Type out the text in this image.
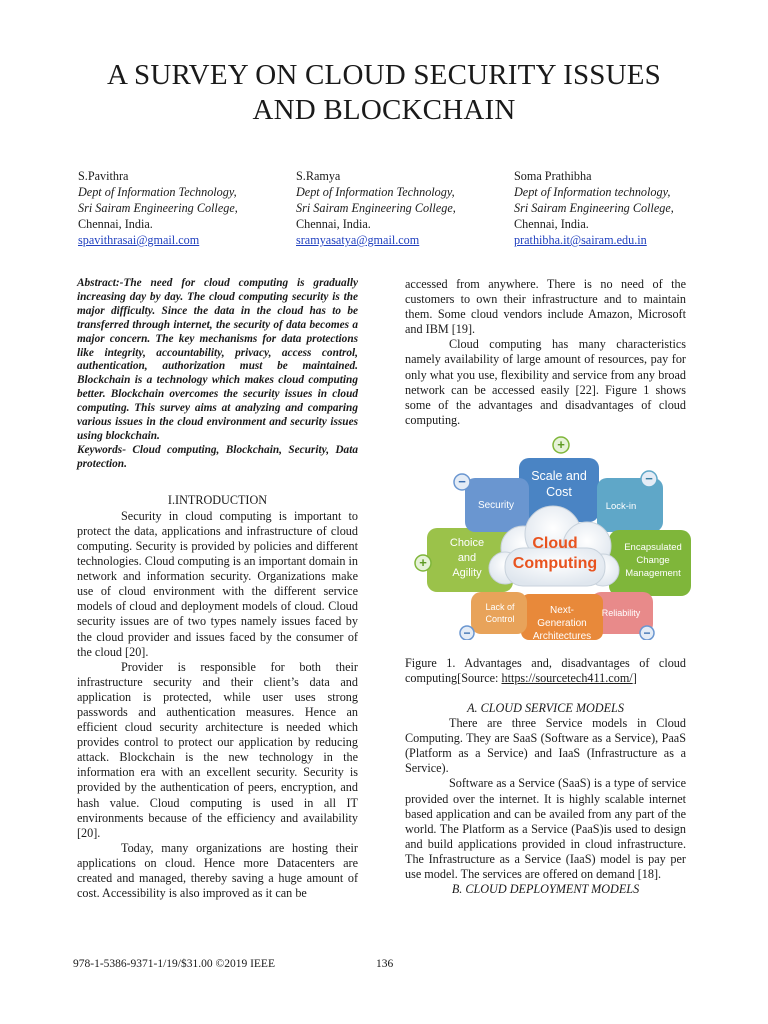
A SURVEY ON CLOUD SECURITY ISSUES
AND BLOCKCHAIN
S.Pavithra
Dept of Information Technology,
Sri Sairam Engineering College,
Chennai, India.
spavithrasai@gmail.com
S.Ramya
Dept of Information Technology,
Sri Sairam Engineering College,
Chennai, India.
sramyasatya@gmail.com
Soma Prathibha
Dept of Information technology,
Sri Sairam Engineering College,
Chennai, India.
prathibha.it@sairam.edu.in

Abstract:-The need for cloud computing is gradually increasing day by day. The cloud computing security is the major difficulty. Since the data in the cloud has to be transferred through internet, the security of data becomes a major concern. The key mechanisms for data protections like integrity, accountability, privacy, access control, authentication, authorization must be maintained. Blockchain is a technology which makes cloud computing better. Blockchain overcomes the security issues in cloud computing. This survey aims at analyzing and comparing various issues in the cloud environment and security issues using blockchain.

Keywords- Cloud computing, Blockchain, Security, Data protection.

I.INTRODUCTION

Security in cloud computing is important to protect the data, applications and infrastructure of cloud computing. Security is provided by policies and different technologies. Cloud computing is an important domain in network and information security. Organizations make use of cloud environment with the different service models of cloud and deployment models of cloud. Cloud security issues are of two types namely issues faced by the cloud provider and issues faced by the consumer of the cloud [20].

Provider is responsible for both their infrastructure security and their client’s data and application is protected, while user uses strong passwords and authentication measures. Hence an efficient cloud security architecture is needed which provides control to protect our application by reducing attack. Blockchain is the new technology in the information era with an excellent security. Security is provided by the authentication of peers, encryption, and hash value. Cloud computing is used in all IT environments because of the efficiency and availability [20].

Today, many organizations are hosting their applications on cloud. Hence more Datacenters are created and managed, thereby saving a huge amount of cost. Accessibility is also improved as it can be

accessed from anywhere. There is no need of the customers to own their infrastructure and to maintain them. Some cloud vendors include Amazon, Microsoft and IBM [19].

Cloud computing has many characteristics namely availability of large amount of resources, pay for only what you use, flexibility and service from any broad network can be accessed easily [22]. Figure 1 shows some of the advantages and disadvantages of cloud computing.

Cloud
Computing
Scale and
Cost
Lock-in
Encapsulated
Change
Management
Reliability
Next-
Generation
Architectures
Lack of
Control
Choice
and
Agility
Security
+
−	−
+
−	−

Figure 1. Advantages and, disadvantages of cloud computing[Source: https://sourcetech411.com/]

A. CLOUD SERVICE MODELS

There are three Service models in Cloud Computing. They are SaaS (Software as a Service), PaaS (Platform as a Service) and IaaS (Infrastructure as a Service).

Software as a Service (SaaS) is a type of service provided over the internet. It is highly scalable internet based application and can be availed from any part of the world. The Platform as a Service (PaaS)is used to design and build applications provided in cloud infrastructure. The Infrastructure as a Service (IaaS) model is pay per use model. The services are offered on demand [18].

B. CLOUD DEPLOYMENT MODELS

978-1-5386-9371-1/19/$31.00 ©2019 IEEE	136
